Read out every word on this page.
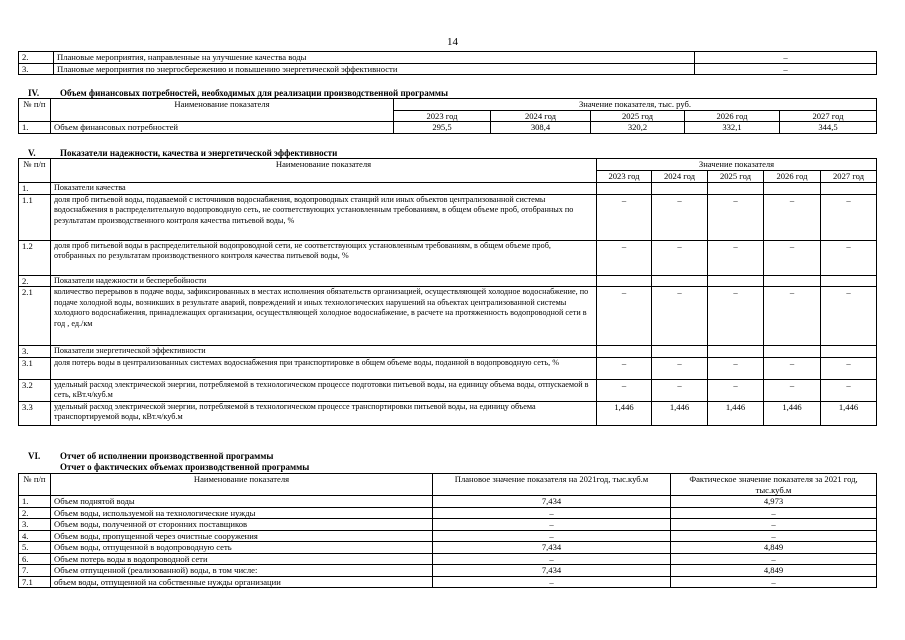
14
2.	Плановые мероприятия, направленные на улучшение качества воды	–
3.	Плановые мероприятия по энергосбережению и повышению энергетической эффективности	–
IV. Объем финансовых потребностей, необходимых для реализации производственной программы
№ п/п	Наименование показателя	Значение показателя, тыс. руб.				
		2023 год	2024 год	2025 год	2026 год	2027 год
1.	Объем финансовых потребностей	295,5	308,4	320,2	332,1	344,5
V.	Показатели надежности, качества и энергетической эффективности
№ п/п	Наименование показателя	Значение показателя				
		2023 год	2024 год	2025 год	2026 год	2027 год
1.	Показатели качества					
1.1	доля проб питьевой воды, подаваемой с источников водоснабжения, водопроводных станций или иных объектов централизованной системы водоснабжения в распределительную водопроводную сеть, не соответствующих установленным требованиям, в общем объеме проб, отобранных по результатам производственного контроля качества питьевой воды, %	–	–	–	–	–
1.2	доля проб питьевой воды в распределительной водопроводной сети, не соответствующих установленным требованиям, в общем объеме проб, отобранных по результатам производственного контроля качества питьевой воды, %	–	–	–	–	–
2.	Показатели надежности и бесперебойности					
2.1	количество перерывов в подаче воды, зафиксированных в местах исполнения обязательств организацией, осуществляющей холодное водоснабжение, по подаче холодной воды, возникших в результате аварий, повреждений и иных технологических нарушений на объектах централизованной системы холодного водоснабжения, принадлежащих организации, осуществляющей холодное водоснабжение, в расчете на протяженность водопроводной сети в год , ед./км	–	–	–	–	–
3.	Показатели энергетической эффективности					
3.1	доля потерь воды в централизованных системах водоснабжения при транспортировке в общем объеме воды, поданной в водопроводную сеть, %	–	–	–	–	–
3.2	удельный расход электрической энергии, потребляемой в технологическом процессе подготовки питьевой воды, на единицу объема воды, отпускаемой в сеть, кВт.ч/куб.м	–	–	–	–	–
3.3	удельный расход электрической энергии, потребляемой в технологическом процессе транспортировки питьевой воды, на единицу объема транспортируемой воды, кВт.ч/куб.м	1,446	1,446	1,446	1,446	1,446
VI. Отчет об исполнении производственной программы
Отчет о фактических объемах производственной программы
№ п/п	Наименование показателя	Плановое значение показателя на 2021год, тыс.куб.м	Фактическое значение показателя за 2021 год, тыс.куб.м
1.	Объем поднятой воды	7,434	4,973
2.	Объем воды, используемой на технологические нужды	–	–
3.	Объем воды, полученной от сторонних поставщиков	–	–
4.	Объем воды, пропущенной через очистные сооружения	–	–
5.	Объем воды, отпущенной в водопроводную сеть	7,434	4,849
6.	Объем потерь воды в водопроводной сети	–	–
7.	Объем отпущенной (реализованной) воды, в том числе:	7,434	4,849
7.1	объем воды, отпущенной на собственные нужды организации	–	–
